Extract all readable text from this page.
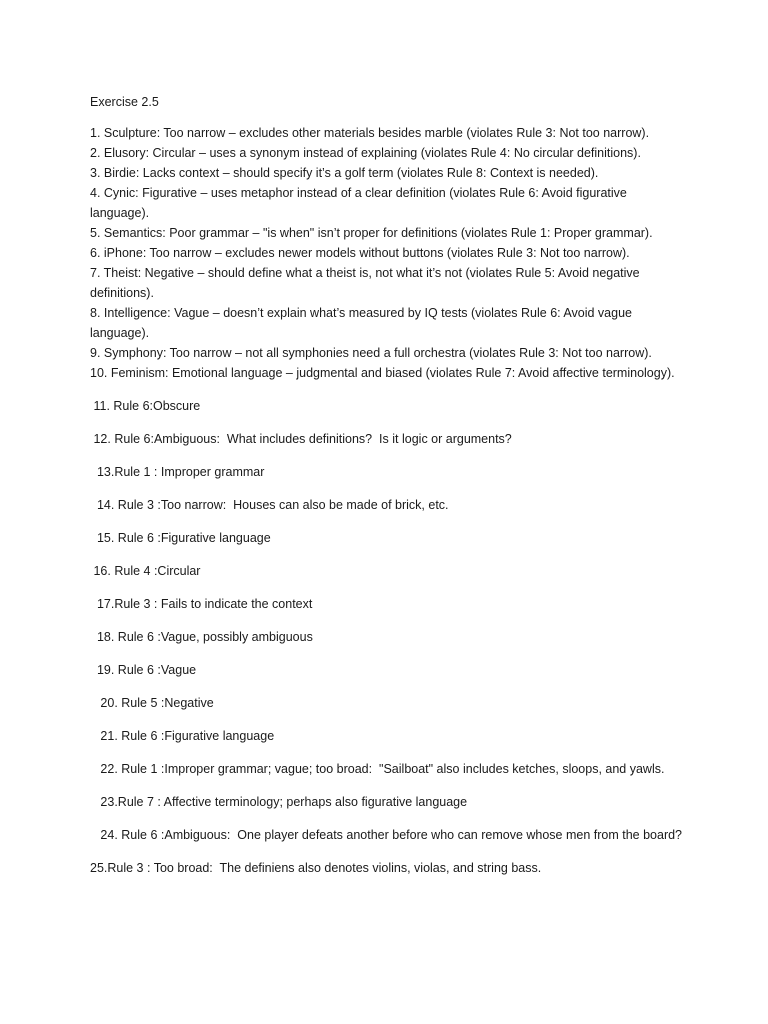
Exercise 2.5

1. Sculpture: Too narrow – excludes other materials besides marble (violates Rule 3: Not too narrow).

2. Elusory: Circular – uses a synonym instead of explaining (violates Rule 4: No circular definitions).

3. Birdie: Lacks context – should specify it’s a golf term (violates Rule 8: Context is needed).

4. Cynic: Figurative – uses metaphor instead of a clear definition (violates Rule 6: Avoid figurative language).

5. Semantics: Poor grammar – "is when" isn’t proper for definitions (violates Rule 1: Proper grammar).

6. iPhone: Too narrow – excludes newer models without buttons (violates Rule 3: Not too narrow).

7. Theist: Negative – should define what a theist is, not what it’s not (violates Rule 5: Avoid negative definitions).

8. Intelligence: Vague – doesn’t explain what’s measured by IQ tests (violates Rule 6: Avoid vague language).

9. Symphony: Too narrow – not all symphonies need a full orchestra (violates Rule 3: Not too narrow).

10. Feminism: Emotional language – judgmental and biased (violates Rule 7: Avoid affective terminology).

11. Rule 6:Obscure

12. Rule 6:Ambiguous:  What includes definitions?  Is it logic or arguments?

13.Rule 1 : Improper grammar

14. Rule 3 :Too narrow:  Houses can also be made of brick, etc.

15. Rule 6 :Figurative language

16. Rule 4 :Circular

17.Rule 3 : Fails to indicate the context

18. Rule 6 :Vague, possibly ambiguous

19. Rule 6 :Vague

20. Rule 5 :Negative

21. Rule 6 :Figurative language

22. Rule 1 :Improper grammar; vague; too broad:  "Sailboat" also includes ketches, sloops, and yawls.

23.Rule 7 : Affective terminology; perhaps also figurative language

24. Rule 6 :Ambiguous:  One player defeats another before who can remove whose men from the board?

25.Rule 3 : Too broad:  The definiens also denotes violins, violas, and string bass.
